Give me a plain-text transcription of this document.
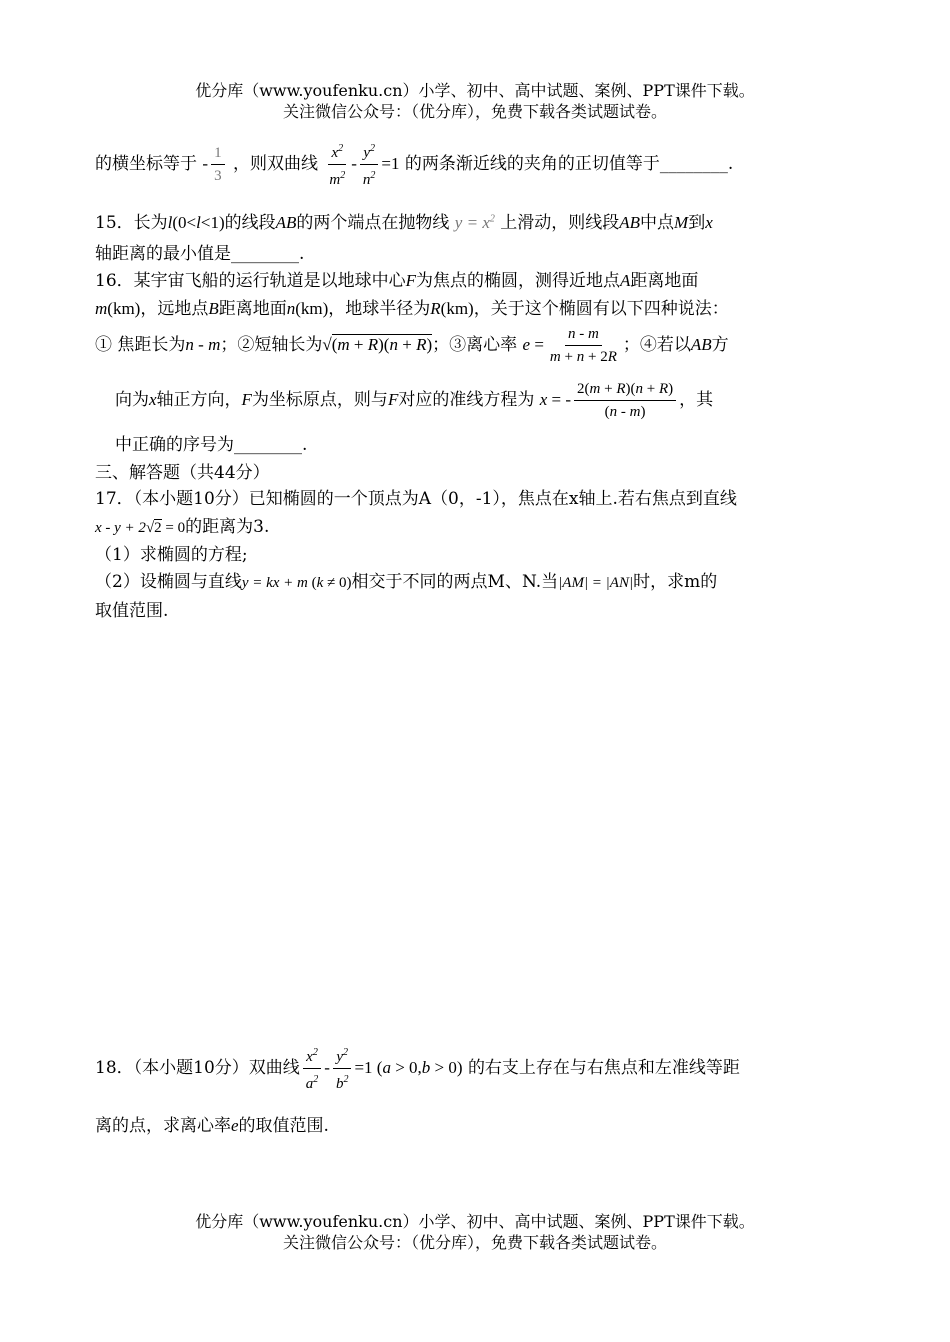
优分库（www.youfenku.cn）小学、初中、高中试题、案例、PPT课件下载。
关注微信公众号：（优分库），免费下载各类试题试卷。
的横坐标等于 - $\frac{1}{3}$ ，则双曲线 $\frac{x^2}{m^2} - \frac{y^2}{n^2} =1$ 的两条渐近线的夹角的正切值等于________.
15．长为l(0<l<1)的线段AB的两个端点在抛物线 $y = x^2$ 上滑动，则线段AB中点M到x
轴距离的最小值是________.
16．某宇宙飞船的运行轨道是以地球中心F为焦点的椭圆，测得近地点A距离地面
m(km)，远地点B距离地面n(km)，地球半径为R(km)，关于这个椭圆有以下四种说法：
① 焦距长为n - m；②短轴长为√(m + R)(n + R)；③离心率 $e = \frac{n - m}{m + n + 2R}$ ；④若以AB方
向为x轴正方向，F为坐标原点，则与F对应的准线方程为 x = - $\frac{2(m + R)(n + R)}{(n - m)}$ ，其
中正确的序号为________.
三、解答题（共44分）
17．（本小题10分）已知椭圆的一个顶点为A（0，-1），焦点在x轴上.若右焦点到直线
x - y + 2√2 = 0的距离为3.
（1）求椭圆的方程;
（2）设椭圆与直线y = kx + m (k ≠ 0)相交于不同的两点M、N.当|AM| = |AN|时，求m的
取值范围.
18．（本小题10分）双曲线 $\frac{x^2}{a^2} - \frac{y^2}{b^2} =1$ (a > 0,b > 0) 的右支上存在与右焦点和左准线等距
离的点，求离心率e的取值范围.
优分库（www.youfenku.cn）小学、初中、高中试题、案例、PPT课件下载。
关注微信公众号：（优分库），免费下载各类试题试卷。
